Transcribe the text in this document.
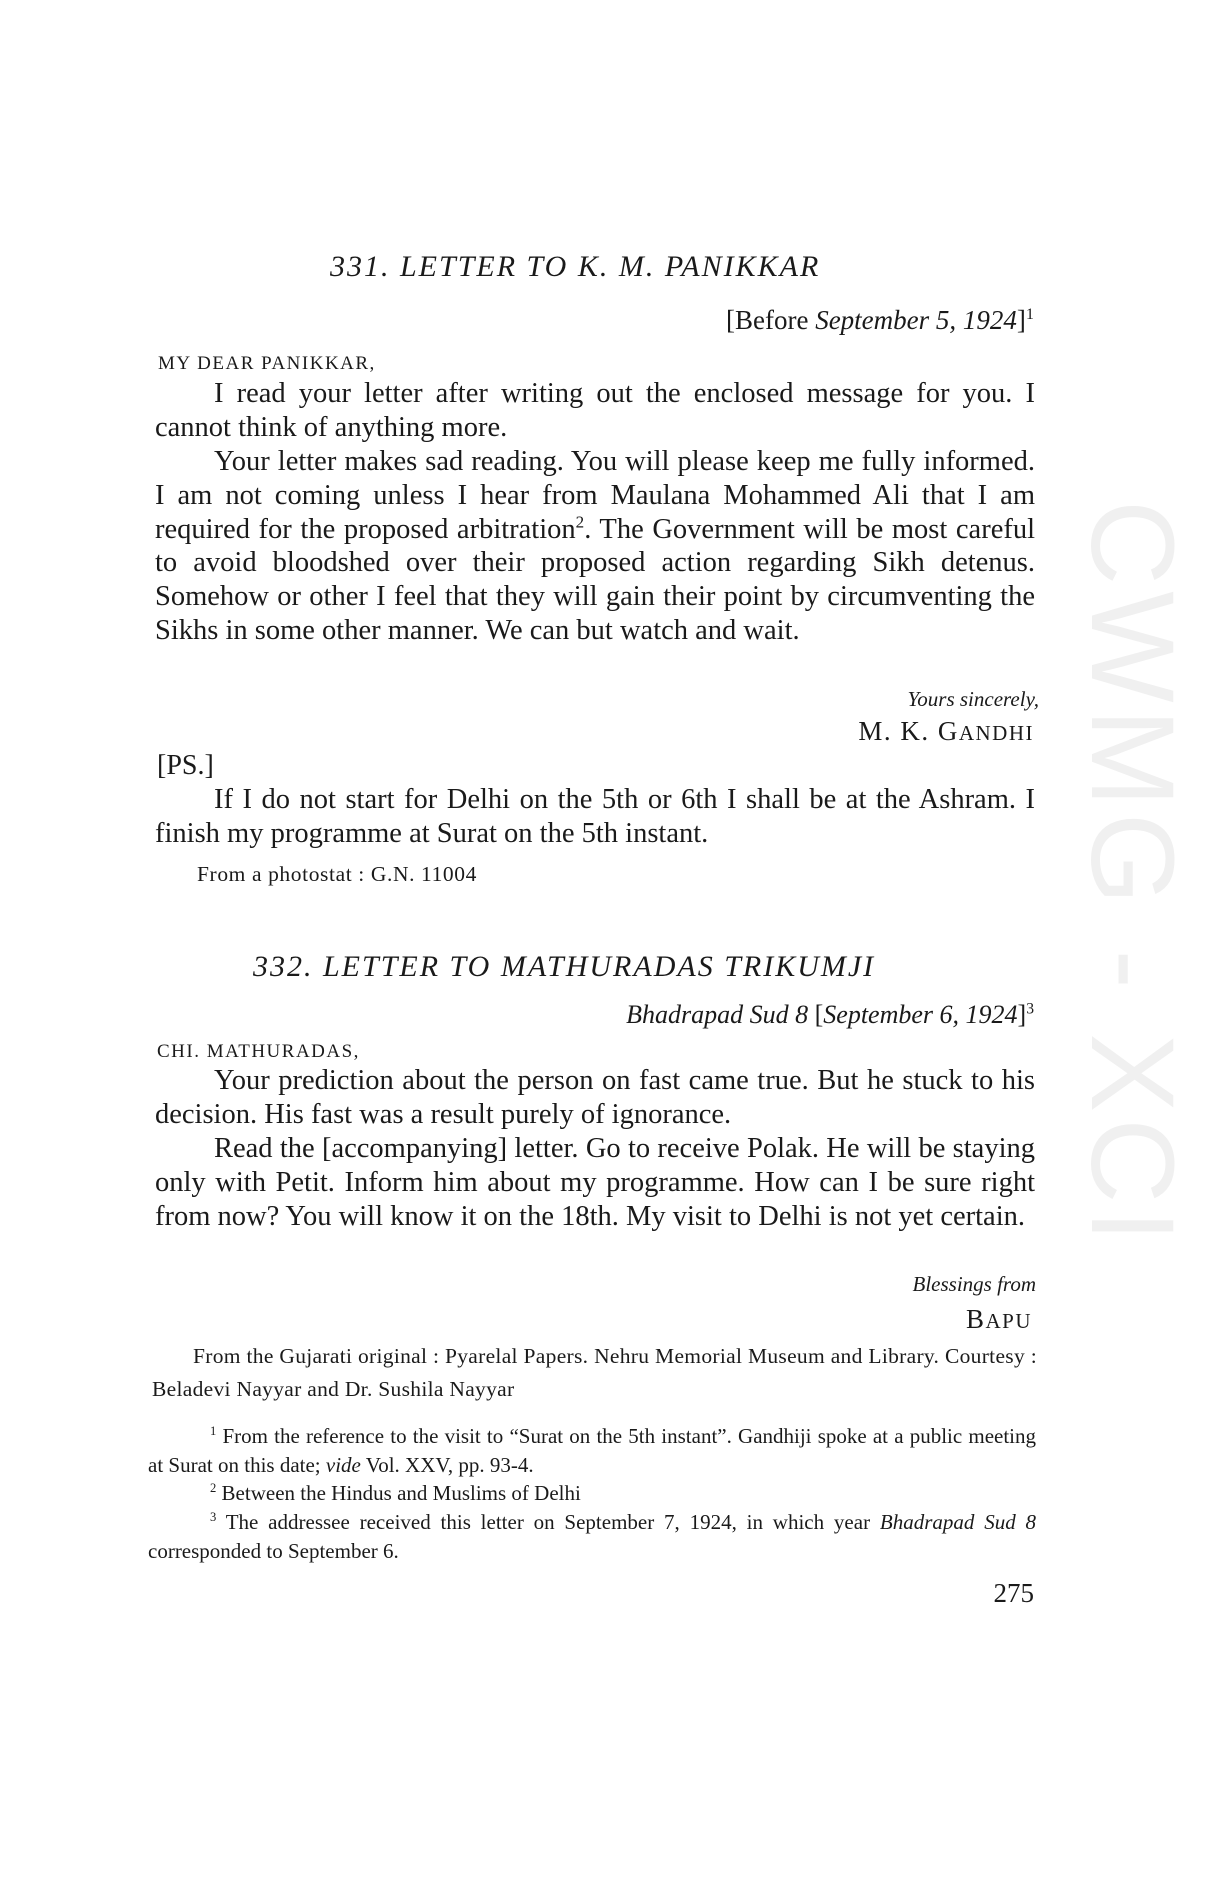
CWMG - XCI
331. LETTER TO K. M. PANIKKAR
[Before September 5, 1924]$^1$
MY DEAR PANIKKAR,
I read your letter after writing out the enclosed message for you. I cannot think of anything more.
Your letter makes sad reading. You will please keep me fully informed. I am not coming unless I hear from Maulana Mohammed Ali that I am required for the proposed arbitration$^2$. The Government will be most careful to avoid bloodshed over their proposed action regarding Sikh detenus. Somehow or other I feel that they will gain their point by circumventing the Sikhs in some other manner. We can but watch and wait.
Yours sincerely,
M. K. GANDHI
[PS.]
If I do not start for Delhi on the 5th or 6th I shall be at the Ashram. I finish my programme at Surat on the 5th instant.
From a photostat : G.N. 11004
332. LETTER TO MATHURADAS TRIKUMJI
Bhadrapad Sud 8 [September 6, 1924]$^3$
CHI. MATHURADAS,
Your prediction about the person on fast came true. But he stuck to his decision. His fast was a result purely of ignorance.
Read the [accompanying] letter. Go to receive Polak. He will be staying only with Petit. Inform him about my programme. How can I be sure right from now? You will know it on the 18th. My visit to Delhi is not yet certain.
Blessings from
BAPU
From the Gujarati original : Pyarelal Papers. Nehru Memorial Museum and Library. Courtesy : Beladevi Nayyar and Dr. Sushila Nayyar
$^1$ From the reference to the visit to “Surat on the 5th instant”. Gandhiji spoke at a public meeting at Surat on this date; vide Vol. XXV, pp. 93-4.
$^2$ Between the Hindus and Muslims of Delhi
$^3$ The addressee received this letter on September 7, 1924, in which year Bhadrapad Sud 8 corresponded to September 6.
275
